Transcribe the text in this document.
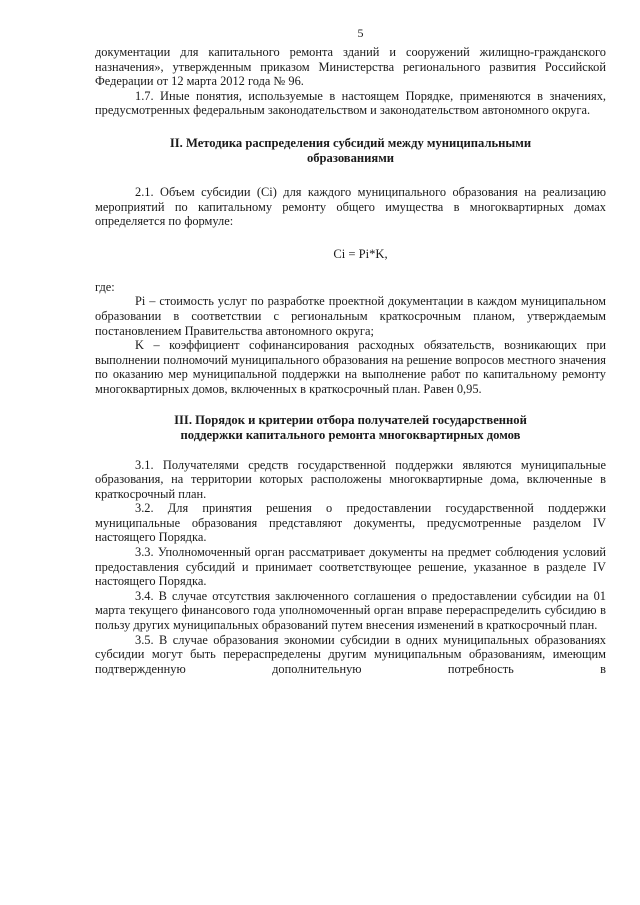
5

документации для капитального ремонта зданий и сооружений жилищно-гражданского назначения», утвержденным приказом Министерства регионального развития Российской Федерации от 12 марта 2012 года № 96.

1.7. Иные понятия, используемые в настоящем Порядке, применяются в значениях, предусмотренных федеральным законодательством и законодательством автономного округа.

II. Методика распределения субсидий между муниципальными
образованиями

2.1. Объем субсидии (Ci) для каждого муниципального образования на реализацию мероприятий по капитальному ремонту общего имущества в многоквартирных домах определяется по формуле:

Ci = Pi*K,

где:

Pi – стоимость услуг по разработке проектной документации в каждом муниципальном образовании в соответствии с региональным краткосрочным планом, утверждаемым постановлением Правительства автономного округа;

K – коэффициент софинансирования расходных обязательств, возникающих при выполнении полномочий муниципального образования на решение вопросов местного значения по оказанию мер муниципальной поддержки на выполнение работ по капитальному ремонту многоквартирных домов, включенных в краткосрочный план. Равен 0,95.

III. Порядок и критерии отбора получателей государственной
поддержки капитального ремонта многоквартирных домов

3.1. Получателями средств государственной поддержки являются муниципальные образования, на территории которых расположены многоквартирные дома, включенные в краткосрочный план.

3.2. Для принятия решения о предоставлении государственной поддержки муниципальные образования представляют документы, предусмотренные разделом IV настоящего Порядка.

3.3. Уполномоченный орган рассматривает документы на предмет соблюдения условий предоставления субсидий и принимает соответствующее решение, указанное в разделе IV настоящего Порядка.

3.4. В случае отсутствия заключенного соглашения о предоставлении субсидии на 01 марта текущего финансового года уполномоченный орган вправе перераспределить субсидию в пользу других муниципальных образований путем внесения изменений в краткосрочный план.

3.5. В случае образования экономии субсидии в одних муниципальных образованиях субсидии могут быть перераспределены другим муниципальным образованиям, имеющим подтвержденную дополнительную потребность в
